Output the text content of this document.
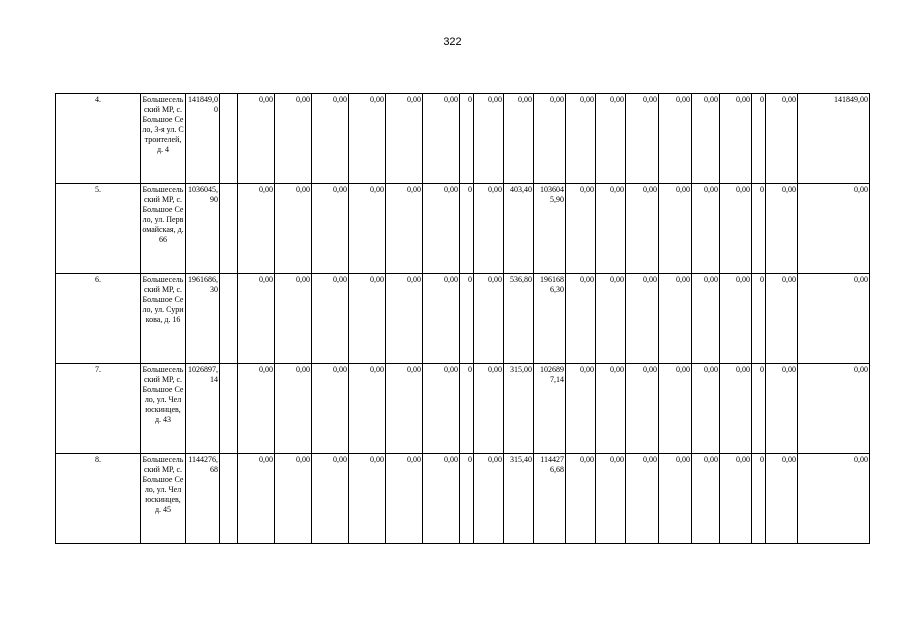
322
4.	Большесельский МР, с. Большое Село, 3-я ул. Строителей, д. 4	141849,00		0,00	0,00	0,00	0,00	0,00	0,00	0	0,00	0,00	0,00	0,00	0,00	0,00	0,00	0,00	0,00	0	0,00	141849,00
5.	Большесельский МР, с. Большое Село, ул. Первомайская, д. 66	1036045,90		0,00	0,00	0,00	0,00	0,00	0,00	0	0,00	403,40	1036045,90	0,00	0,00	0,00	0,00	0,00	0,00	0	0,00	0,00
6.	Большесельский МР, с. Большое Село, ул. Сурикова, д. 16	1961686,30		0,00	0,00	0,00	0,00	0,00	0,00	0	0,00	536,80	1961686,30	0,00	0,00	0,00	0,00	0,00	0,00	0	0,00	0,00
7.	Большесельский МР, с. Большое Село, ул. Челюскинцев, д. 43	1026897,14		0,00	0,00	0,00	0,00	0,00	0,00	0	0,00	315,00	1026897,14	0,00	0,00	0,00	0,00	0,00	0,00	0	0,00	0,00
8.	Большесельский МР, с. Большое Село, ул. Челюскинцев, д. 45	1144276,68		0,00	0,00	0,00	0,00	0,00	0,00	0	0,00	315,40	1144276,68	0,00	0,00	0,00	0,00	0,00	0,00	0	0,00	0,00
